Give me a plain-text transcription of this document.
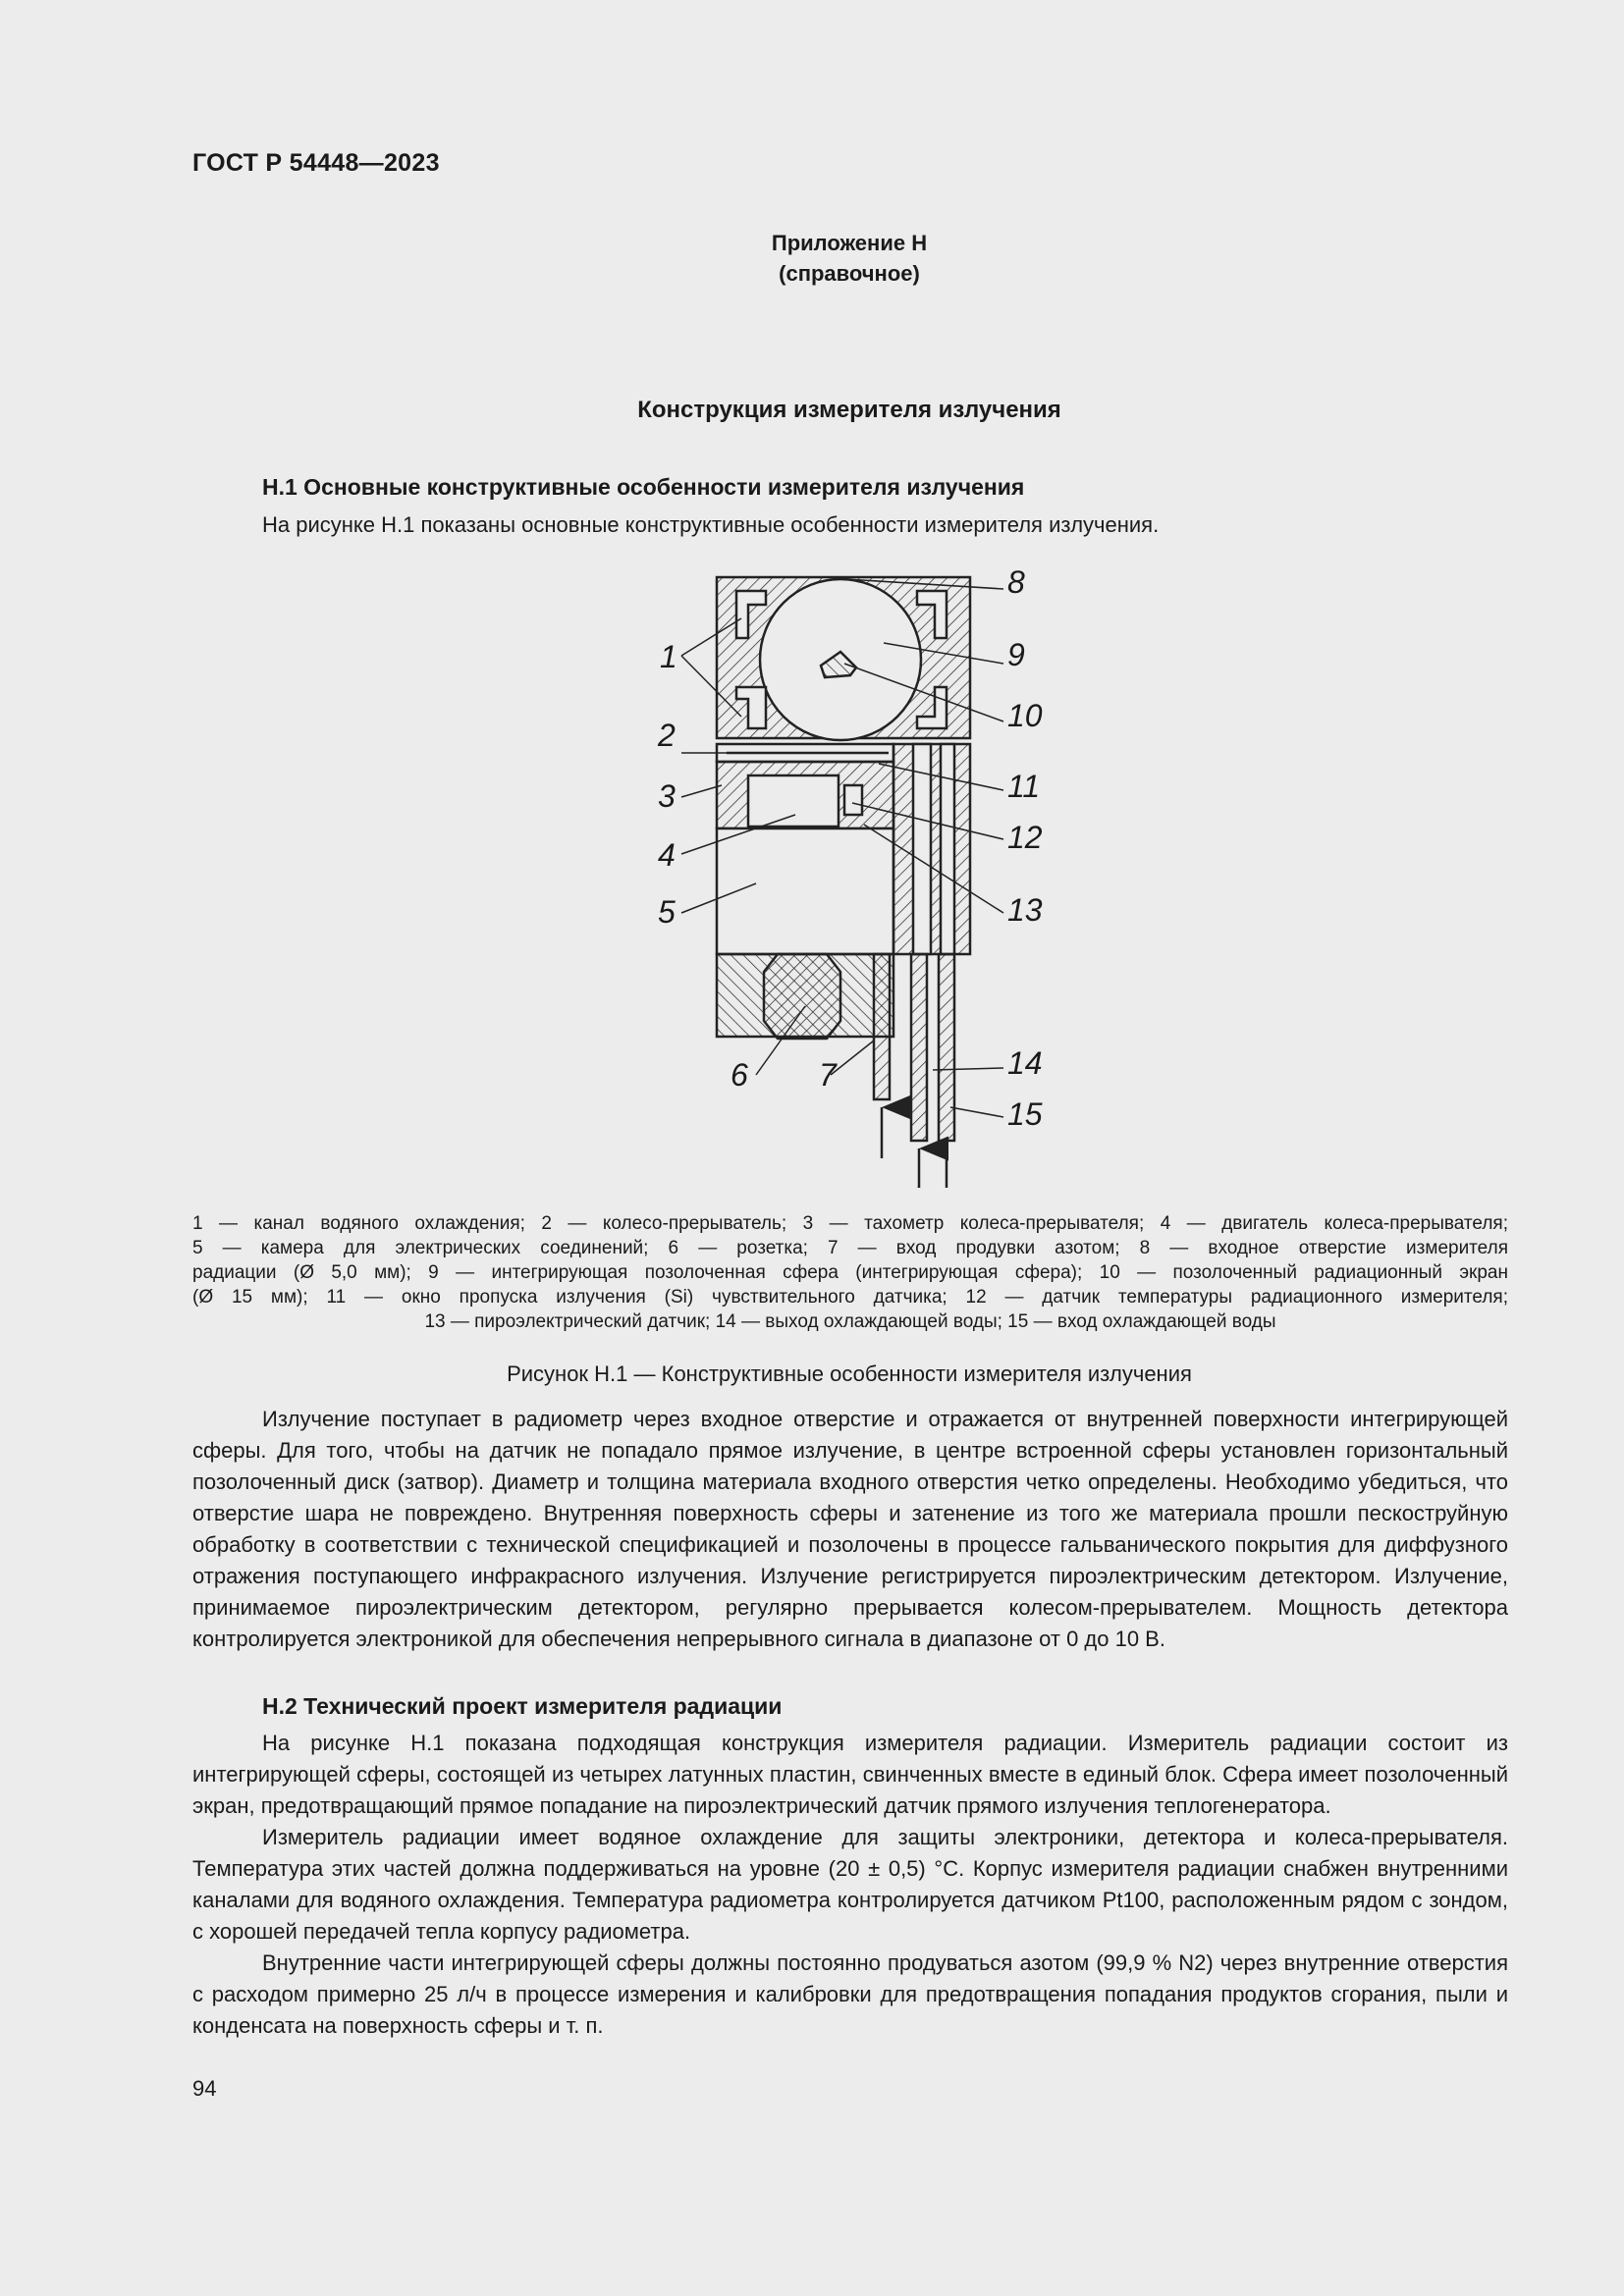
ГОСТ Р 54448—2023
Приложение Н
(справочное)
Конструкция измерителя излучения
Н.1 Основные конструктивные особенности измерителя излучения
На рисунке Н.1 показаны основные конструктивные особенности измерителя излучения.
1
2
3
4
5
6 7
8
9
10
11
12
13
14
15
1 — канал водяного охлаждения; 2 — колесо-прерыватель; 3 — тахометр колеса-прерывателя; 4 — двигатель колеса-прерывателя;
5 — камера для электрических соединений; 6 — розетка; 7 — вход продувки азотом; 8 — входное отверстие измерителя
радиации (Ø 5,0 мм); 9 — интегрирующая позолоченная сфера (интегрирующая сфера); 10 — позолоченный радиационный экран
(Ø 15 мм); 11 — окно пропуска излучения (Si) чувствительного датчика; 12 — датчик температуры радиационного измерителя;
13 — пироэлектрический датчик; 14 — выход охлаждающей воды; 15 — вход охлаждающей воды
Рисунок Н.1 — Конструктивные особенности измерителя излучения

Излучение поступает в радиометр через входное отверстие и отражается от внутренней поверхности интегрирующей сферы. Для того, чтобы на датчик не попадало прямое излучение, в центре встроенной сферы установлен горизонтальный позолоченный диск (затвор). Диаметр и толщина материала входного отверстия четко определены. Необходимо убедиться, что отверстие шара не повреждено. Внутренняя поверхность сферы и затенение из того же материала прошли пескоструйную обработку в соответствии с технической спецификацией и позолочены в процессе гальванического покрытия для диффузного отражения поступающего инфракрасного излучения. Излучение регистрируется пироэлектрическим детектором. Излучение, принимаемое пироэлектрическим детектором, регулярно прерывается колесом-прерывателем. Мощность детектора контролируется электроникой для обеспечения непрерывного сигнала в диапазоне от 0 до 10 В.

Н.2 Технический проект измерителя радиации

На рисунке Н.1 показана подходящая конструкция измерителя радиации. Измеритель радиации состоит из интегрирующей сферы, состоящей из четырех латунных пластин, свинченных вместе в единый блок. Сфера имеет позолоченный экран, предотвращающий прямое попадание на пироэлектрический датчик прямого излучения теплогенератора.

Измеритель радиации имеет водяное охлаждение для защиты электроники, детектора и колеса-прерывателя. Температура этих частей должна поддерживаться на уровне (20 ± 0,5) °С. Корпус измерителя радиации снабжен внутренними каналами для водяного охлаждения. Температура радиометра контролируется датчиком Pt100, расположенным рядом с зондом, с хорошей передачей тепла корпусу радиометра.

Внутренние части интегрирующей сферы должны постоянно продуваться азотом (99,9 % N2) через внутренние отверстия с расходом примерно 25 л/ч в процессе измерения и калибровки для предотвращения попадания продуктов сгорания, пыли и конденсата на поверхность сферы и т. п.

94
